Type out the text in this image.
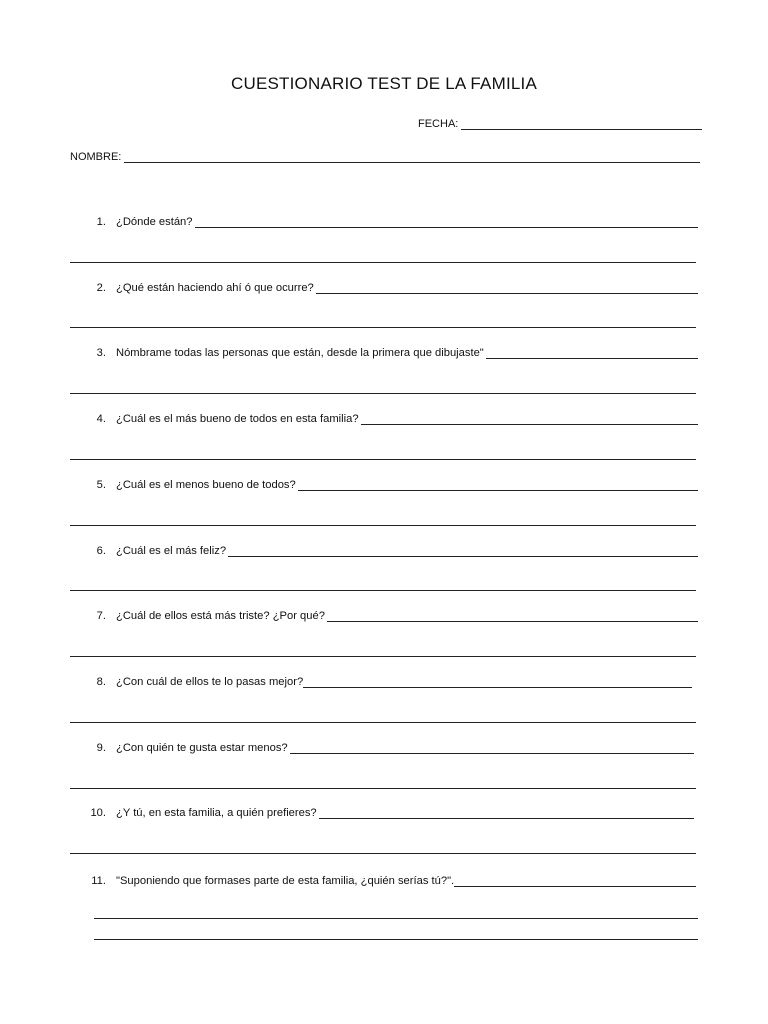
CUESTIONARIO TEST DE LA FAMILIA
FECHA:
NOMBRE:
1. ¿Dónde están?
2. ¿Qué están haciendo ahí ó que ocurre?
3. Nómbrame todas las personas que están, desde la primera que dibujaste"
4. ¿Cuál es el más bueno de todos en esta familia?
5. ¿Cuál es el menos bueno de todos?
6. ¿Cuál es el más feliz?
7. ¿Cuál de ellos está más triste? ¿Por qué?
8. ¿Con cuál de ellos te lo pasas mejor?
9. ¿Con quién te gusta estar menos?
10. ¿Y tú, en esta familia, a quién prefieres?
11. "Suponiendo que formases parte de esta familia, ¿quién serías tú?".
